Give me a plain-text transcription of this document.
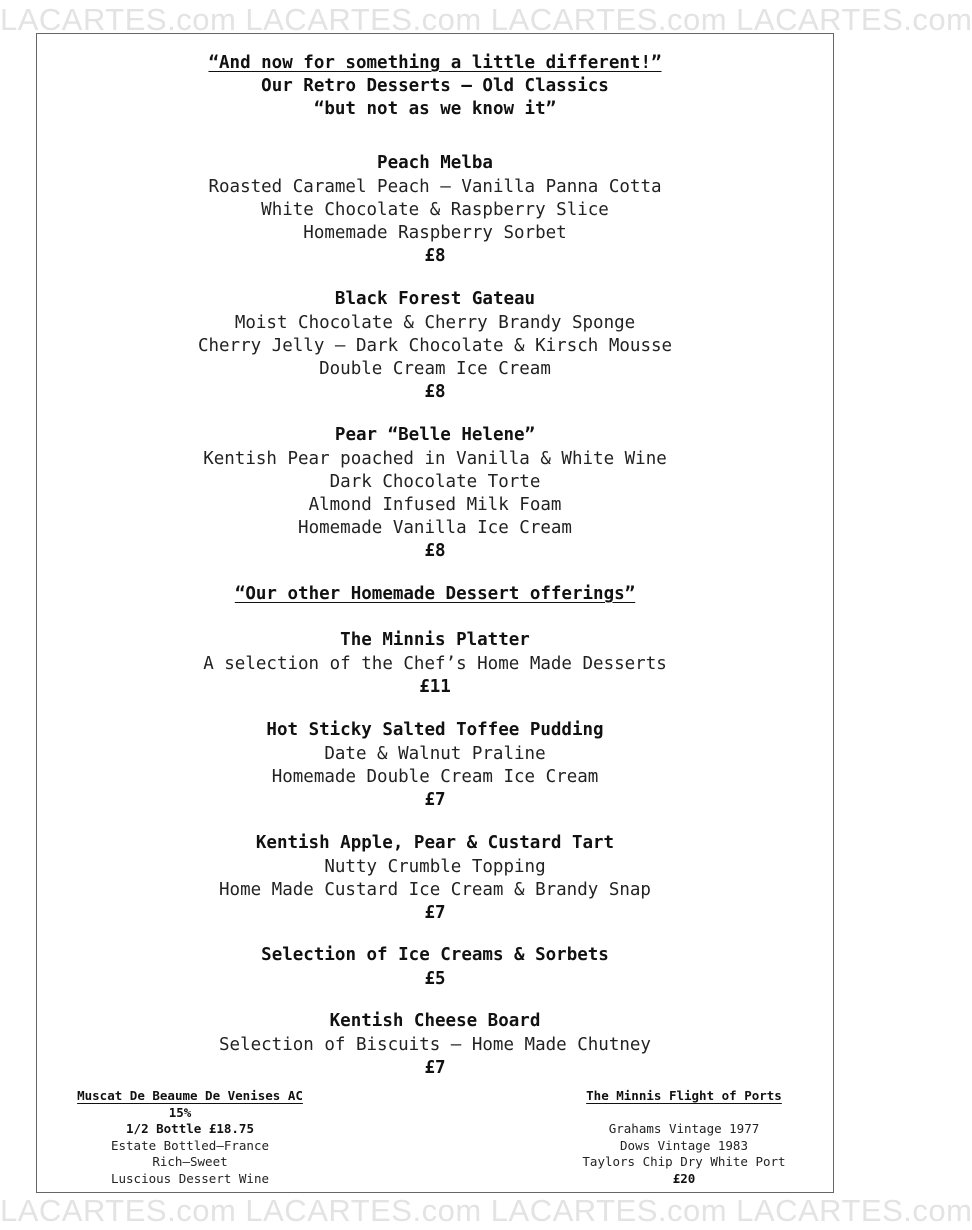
LACARTES.com LACARTES.com LACARTES.com LACARTES.com
LACARTES.com LACARTES.com LACARTES.com LACARTES.com
“And now for something a little different!”
Our Retro Desserts – Old Classics
“but not as we know it”
Peach Melba
Roasted Caramel Peach – Vanilla Panna Cotta
White Chocolate & Raspberry Slice
Homemade Raspberry Sorbet
£8
Black Forest Gateau
Moist Chocolate & Cherry Brandy Sponge
Cherry Jelly – Dark Chocolate & Kirsch Mousse
Double Cream Ice Cream
£8
Pear “Belle Helene”
Kentish Pear poached in Vanilla & White Wine
Dark Chocolate Torte
Almond Infused Milk Foam
Homemade Vanilla Ice Cream
£8
“Our other Homemade Dessert offerings”
The Minnis Platter
A selection of the Chef’s Home Made Desserts
£11
Hot Sticky Salted Toffee Pudding
Date & Walnut Praline
Homemade Double Cream Ice Cream
£7
Kentish Apple, Pear & Custard Tart
Nutty Crumble Topping
Home Made Custard Ice Cream & Brandy Snap
£7
Selection of Ice Creams & Sorbets
£5
Kentish Cheese Board
Selection of Biscuits – Home Made Chutney
£7
Muscat De Beaume De Venises AC
15%
1/2 Bottle £18.75
Estate Bottled—France
Rich—Sweet
Luscious Dessert Wine
The Minnis Flight of Ports
Grahams Vintage 1977
Dows Vintage 1983
Taylors Chip Dry White Port
£20
